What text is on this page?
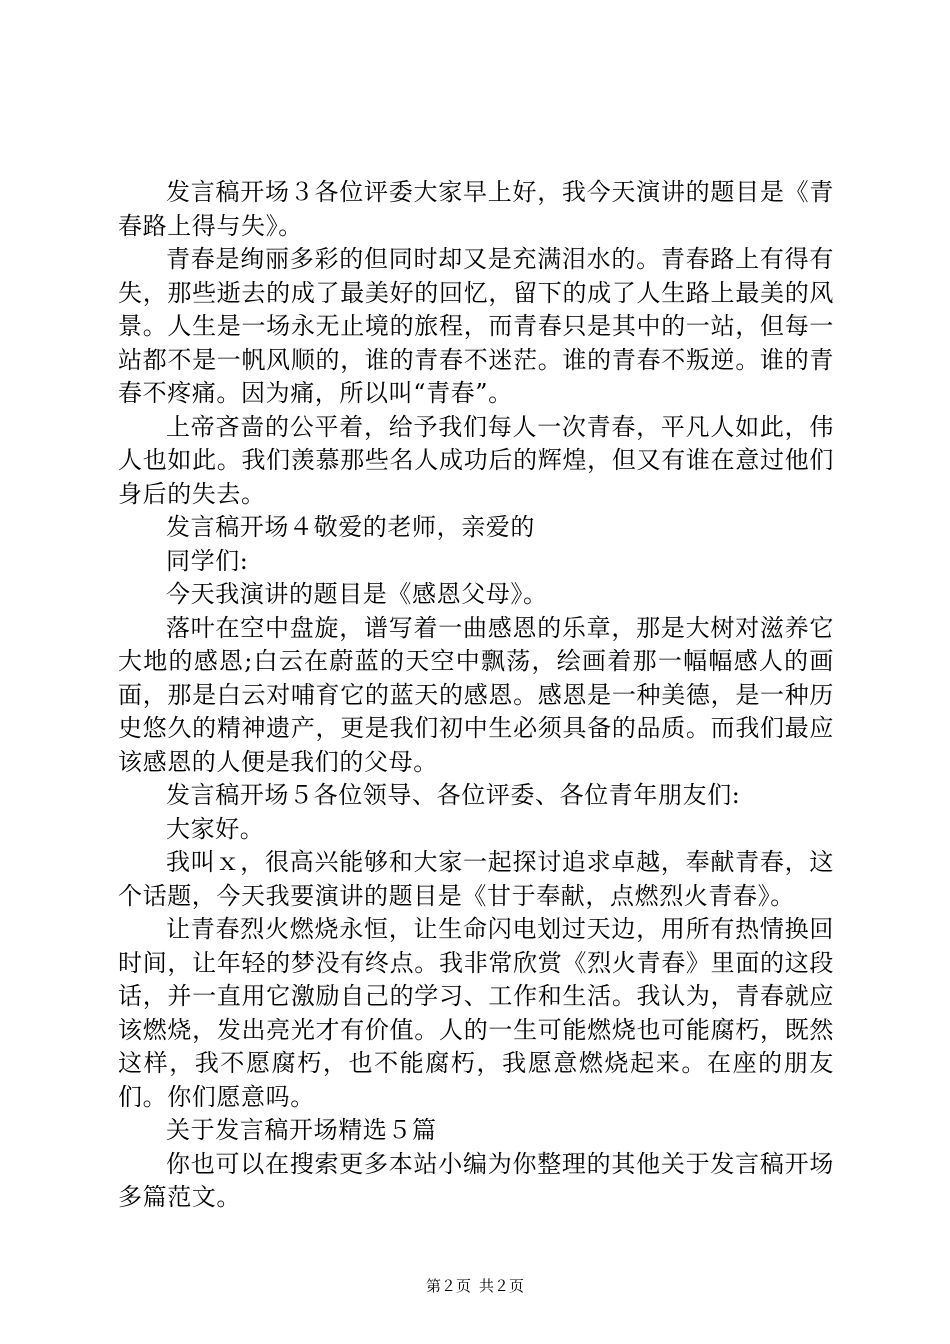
发言稿开场３各位评委大家早上好，我今天演讲的题目是《青春路上得与失》。

青春是绚丽多彩的但同时却又是充满泪水的。青春路上有得有失，那些逝去的成了最美好的回忆，留下的成了人生路上最美的风景。人生是一场永无止境的旅程，而青春只是其中的一站，但每一站都不是一帆风顺的，谁的青春不迷茫。谁的青春不叛逆。谁的青春不疼痛。因为痛，所以叫“青春”。

上帝吝啬的公平着，给予我们每人一次青春，平凡人如此，伟人也如此。我们羡慕那些名人成功后的辉煌，但又有谁在意过他们身后的失去。

发言稿开场４敬爱的老师，亲爱的

同学们:

今天我演讲的题目是《感恩父母》。

落叶在空中盘旋，谱写着一曲感恩的乐章，那是大树对滋养它大地的感恩;白云在蔚蓝的天空中飘荡，绘画着那一幅幅感人的画面，那是白云对哺育它的蓝天的感恩。感恩是一种美德，是一种历史悠久的精神遗产，更是我们初中生必须具备的品质。而我们最应该感恩的人便是我们的父母。

发言稿开场５各位领导、各位评委、各位青年朋友们:

大家好。

我叫ｘ，很高兴能够和大家一起探讨追求卓越，奉献青春，这个话题，今天我要演讲的题目是《甘于奉献，点燃烈火青春》。

让青春烈火燃烧永恒，让生命闪电划过天边，用所有热情换回时间，让年轻的梦没有终点。我非常欣赏《烈火青春》里面的这段话，并一直用它激励自己的学习、工作和生活。我认为，青春就应该燃烧，发出亮光才有价值。人的一生可能燃烧也可能腐朽，既然这样，我不愿腐朽，也不能腐朽，我愿意燃烧起来。在座的朋友们。你们愿意吗。

关于发言稿开场精选５篇

你也可以在搜索更多本站小编为你整理的其他关于发言稿开场多篇范文。

第２页 共２页
